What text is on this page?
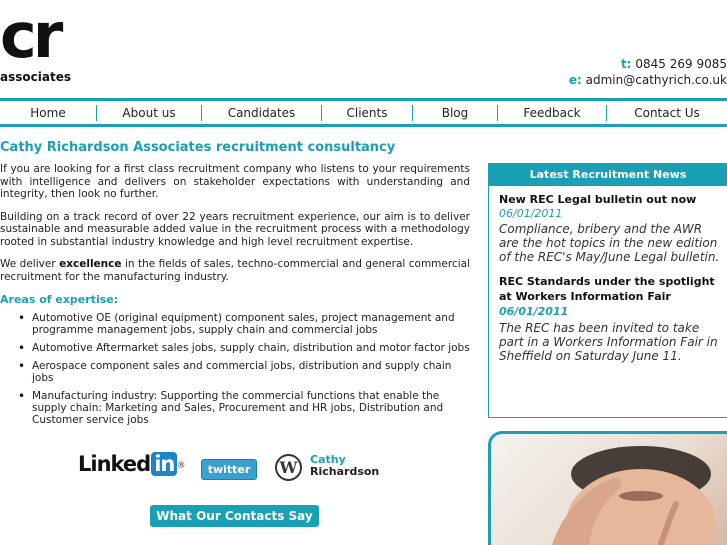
cr
associates
t: 0845 269 9085
e: admin@cathyrich.co.uk
Home	About us	Candidates	Clients	Blog	Feedback	Contact Us
Cathy Richardson Associates recruitment consultancy

If you are looking for a first class recruitment company who listens to your requirements with intelligence and delivers on stakeholder expectations with understanding and integrity, then look no further.

Building on a track record of over 22 years recruitment experience, our aim is to deliver sustainable and measurable added value in the recruitment process with a methodology rooted in substantial industry knowledge and high level recruitment expertise.

We deliver excellence in the fields of sales, techno-commercial and general commercial recruitment for the manufacturing industry.

Areas of expertise:
• Automotive OE (original equipment) component sales, project management and programme management jobs, supply chain and commercial jobs
• Automotive Aftermarket sales jobs, supply chain, distribution and motor factor jobs
• Aerospace component sales and commercial jobs, distribution and supply chain jobs
• Manufacturing industry: Supporting the commercial functions that enable the supply chain: Marketing and Sales, Procurement and HR jobs, Distribution and Customer service jobs
Linked in ®	twitter	W	Cathy
Richardson
What Our Contacts Say
Latest Recruitment News
New REC Legal bulletin out now
06/01/2011
Compliance, bribery and the AWR are the hot topics in the new edition of the REC's May/June Legal bulletin.
REC Standards under the spotlight at Workers Information Fair 06/01/2011
The REC has been invited to take part in a Workers Information Fair in Sheffield on Saturday June 11.
